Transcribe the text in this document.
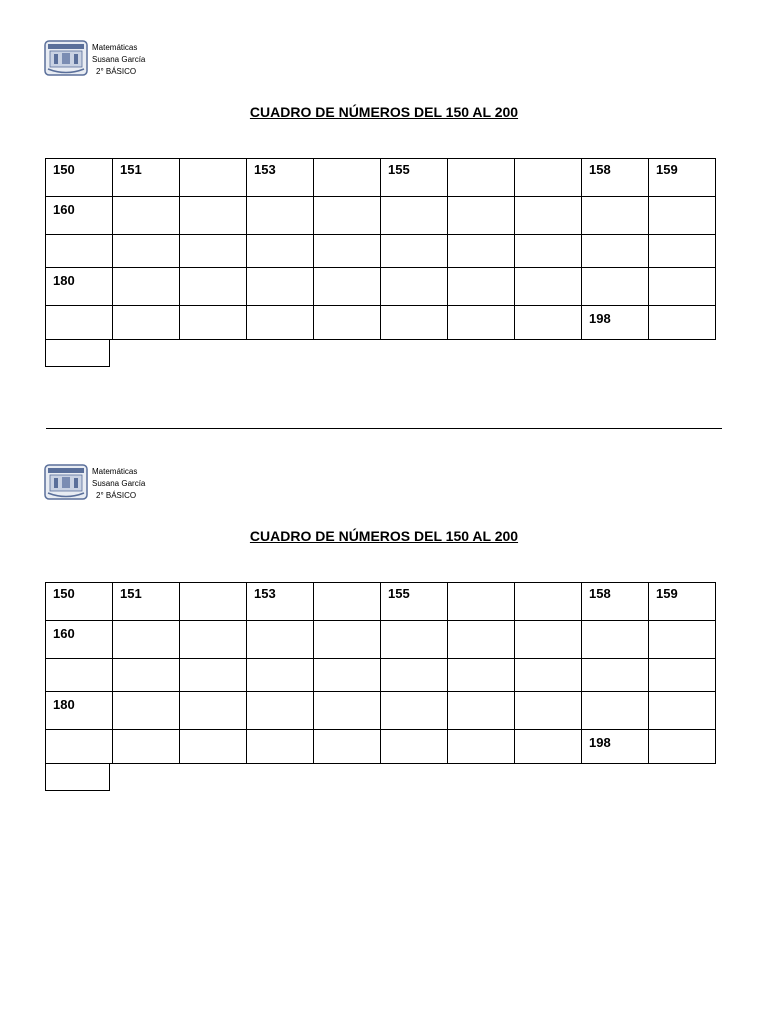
Matemáticas
Susana García
2° BÁSICO
CUADRO DE NÚMEROS DEL 150 AL 200
150	151		153		155			158	159
160									

180									
								198	
Matemáticas
Susana García
2° BÁSICO
CUADRO DE NÚMEROS DEL 150 AL 200
150	151		153		155			158	159
160									

180									
								198	
